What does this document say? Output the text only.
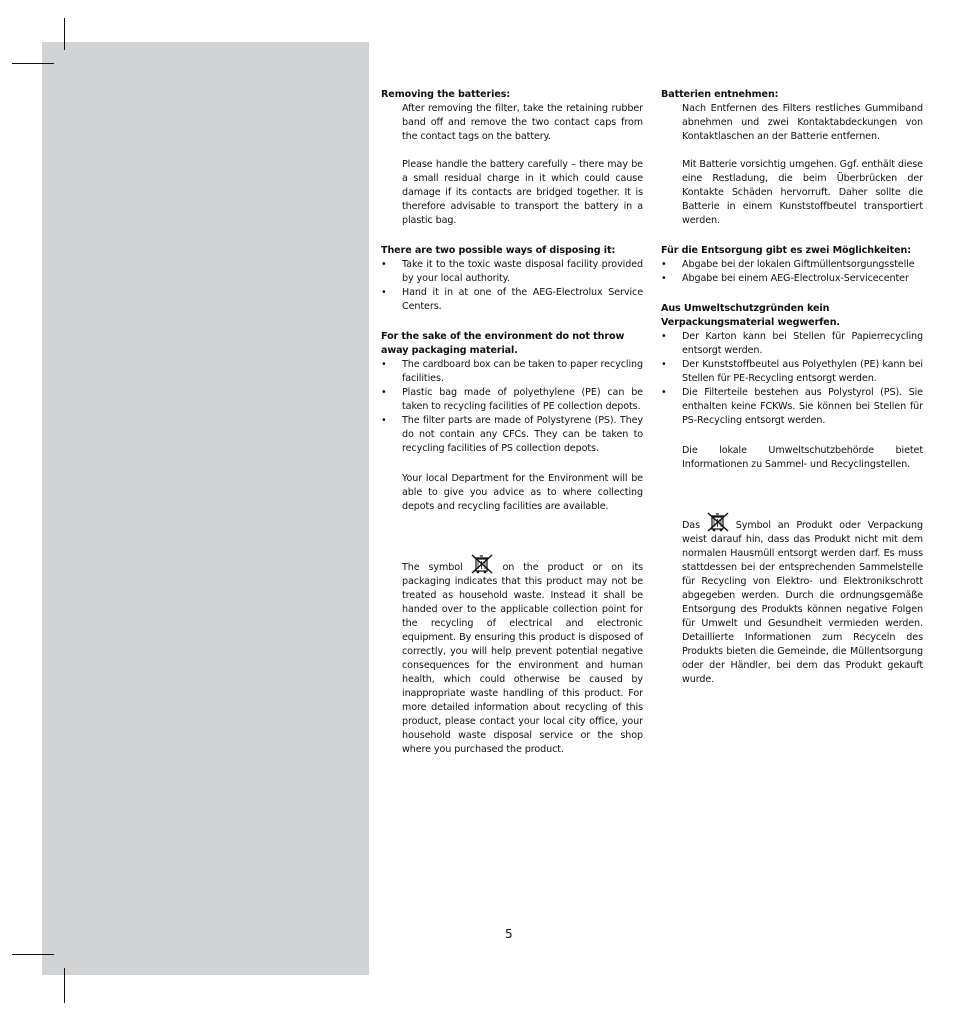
Removing the batteries:

After removing the filter, take the retaining rubber band off and remove the two contact caps from the contact tags on the battery.

Please handle the battery carefully – there may be a small residual charge in it which could cause damage if its contacts are bridged together. It is therefore advisable to transport the battery in a plastic bag.

There are two possible ways of disposing it:

• Take it to the toxic waste disposal facility provided by your local authority.
• Hand it in at one of the AEG-Electrolux Service Centers.

For the sake of the environment do not throw away packaging material.

• The cardboard box can be taken to paper recycling facilities.
• Plastic bag made of polyethylene (PE) can be taken to recycling facilities of PE collection depots.
• The filter parts are made of Polystyrene (PS). They do not contain any CFCs. They can be taken to recycling facilities of PS collection depots.

Your local Department for the Environment will be able to give you advice as to where collecting depots and recycling facilities are available.

The symbol	on the product or on its packaging indicates that this product may not be treated as household waste. Instead it shall be handed over to the applicable collection point for the recycling of electrical and electronic equipment. By ensuring this product is disposed of correctly, you will help prevent potential negative consequences for the environment and human health, which could otherwise be caused by inappropriate waste handling of this product. For more detailed information about recycling of this product, please contact your local city office, your household waste disposal service or the shop where you purchased the product.

Batterien entnehmen:

Nach Entfernen des Filters restliches Gummiband abnehmen und zwei Kontaktabdeckungen von Kontaktlaschen an der Batterie entfernen.

Mit Batterie vorsichtig umgehen. Ggf. enthält diese eine Restladung, die beim Überbrücken der Kontakte Schäden hervorruft. Daher sollte die Batterie in einem Kunststoffbeutel transportiert werden.

Für die Entsorgung gibt es zwei Möglichkeiten:

• Abgabe bei der lokalen Giftmüllentsorgungsstelle
• Abgabe bei einem AEG-Electrolux-Servicecenter

Aus Umweltschutzgründen kein Verpackungsmaterial wegwerfen.

• Der Karton kann bei Stellen für Papierrecycling entsorgt werden.
• Der Kunststoffbeutel aus Polyethylen (PE) kann bei Stellen für PE-Recycling entsorgt werden.
• Die Filterteile bestehen aus Polystyrol (PS). Sie enthalten keine FCKWs. Sie können bei Stellen für PS-Recycling entsorgt werden.

Die lokale Umweltschutzbehörde bietet Informationen zu Sammel- und Recyclingstellen.

Das	Symbol an Produkt oder Verpackung weist darauf hin, dass das Produkt nicht mit dem normalen Hausmüll entsorgt werden darf. Es muss stattdessen bei der entsprechenden Sammelstelle für Recycling von Elektro- und Elektronikschrott abgegeben werden. Durch die ordnungsgemäße Entsorgung des Produkts können negative Folgen für Umwelt und Gesundheit vermieden werden. Detaillierte Informationen zum Recyceln des Produkts bieten die Gemeinde, die Müllentsorgung oder der Händler, bei dem das Produkt gekauft wurde.

5
